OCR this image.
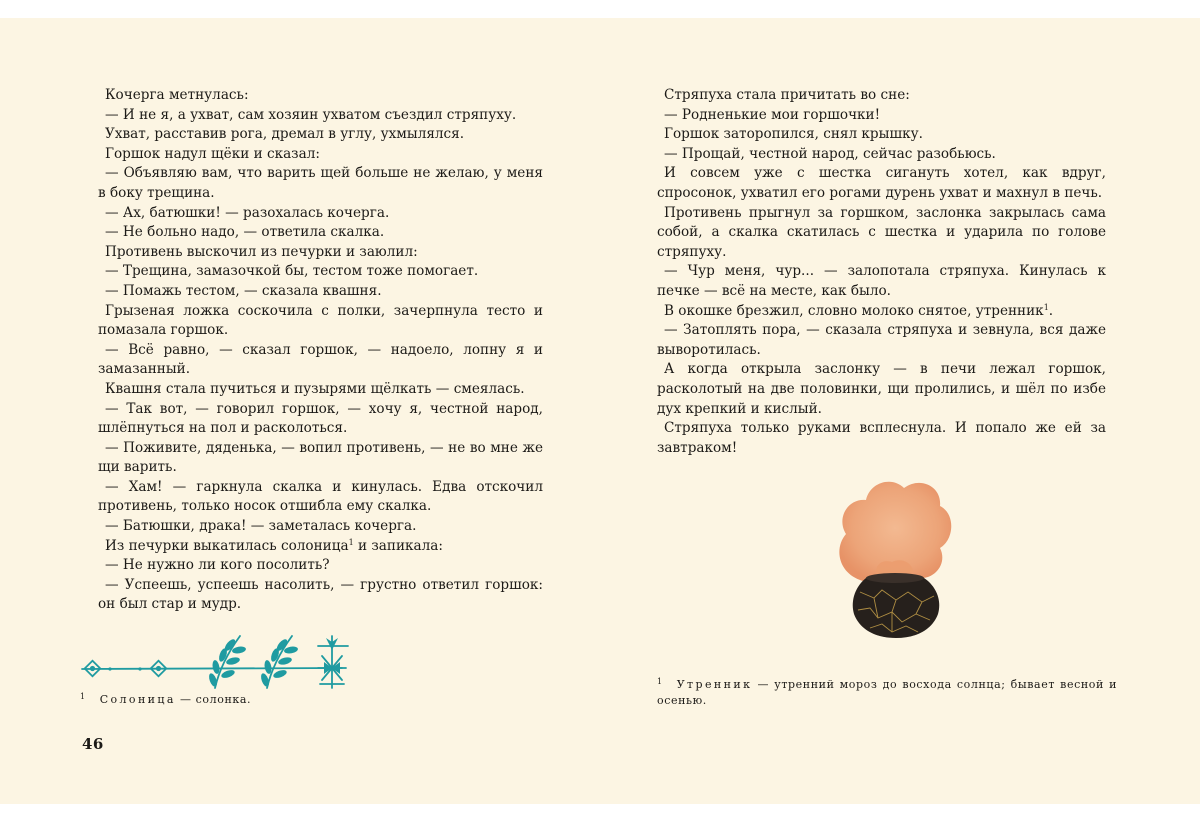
Кочерга метнулась:

— И не я, а ухват, сам хозяин ухватом съездил стряпуху.

Ухват, расставив рога, дремал в углу, ухмылялся.

Горшок надул щёки и сказал:

— Объявляю вам, что варить щей больше не желаю, у меня в боку трещина.

— Ах, батюшки! — разохалась кочерга.

— Не больно надо, — ответила скалка.

Противень выскочил из печурки и заюлил:

— Трещина, замазочкой бы, тестом тоже помогает.

— Помажь тестом, — сказала квашня.

Грызеная ложка соскочила с полки, зачерпнула тесто и помазала горшок.

— Всё равно, — сказал горшок, — надоело, лопну я и замазанный.

Квашня стала пучиться и пузырями щёлкать — смеялась.

— Так вот, — говорил горшок, — хочу я, честной народ, шлёпнуться на пол и расколоться.

— Поживите, дяденька, — вопил противень, — не во мне же щи варить.

— Хам! — гаркнула скалка и кинулась. Едва отскочил противень, только носок отшибла ему скалка.

— Батюшки, драка! — заметалась кочерга.

Из печурки выкатилась солоница$^1$ и запикала:

— Не нужно ли кого посолить?

— Успеешь, успеешь насолить, — грустно ответил горшок: он был стар и мудр.

$^1$ Солоница — солонка.
46

Стряпуха стала причитать во сне:

— Родненькие мои горшочки!

Горшок заторопился, снял крышку.

— Прощай, честной народ, сейчас разобьюсь.

И совсем уже с шестка сигануть хотел, как вдруг, спросонок, ухватил его рогами дурень ухват и махнул в печь.

Противень прыгнул за горшком, заслонка закрылась сама собой, а скалка скатилась с шестка и ударила по голове стряпуху.

— Чур меня, чур... — залопотала стряпуха. Кинулась к печке — всё на месте, как было.

В окошке брезжил, словно молоко снятое, утренник$^1$.

— Затоплять пора, — сказала стряпуха и зевнула, вся даже выворотилась.

А когда открыла заслонку — в печи лежал горшок, расколотый на две половинки, щи пролились, и шёл по избе дух крепкий и кислый.

Стряпуха только руками всплеснула. И попало же ей за завтраком!

$^1$ Утренник — утренний мороз до восхода солнца; бывает весной и осенью.
